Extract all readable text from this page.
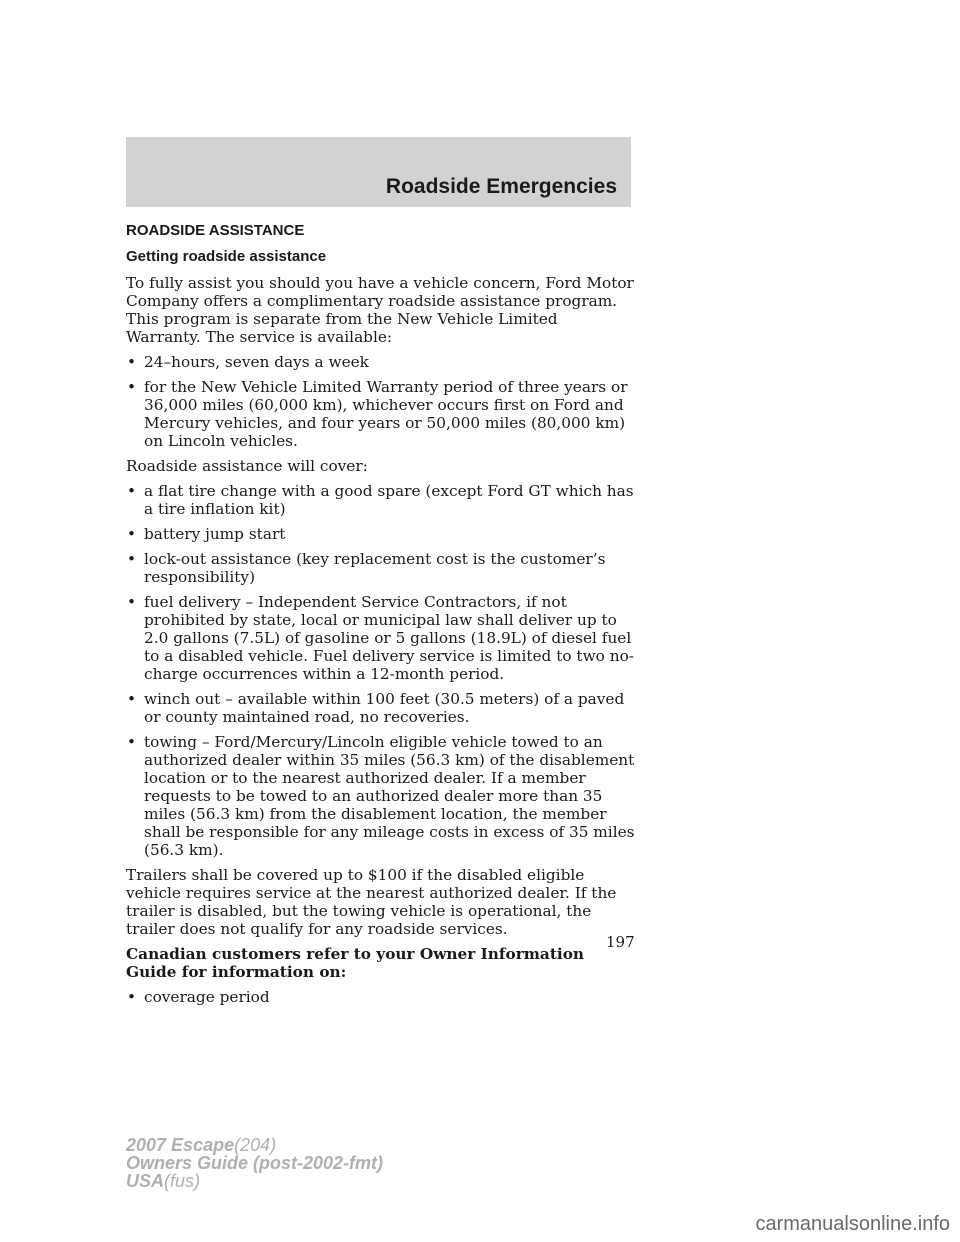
Roadside Emergencies
ROADSIDE ASSISTANCE
Getting roadside assistance

To fully assist you should you have a vehicle concern, Ford Motor Company offers a complimentary roadside assistance program. This program is separate from the New Vehicle Limited Warranty. The service is available:

• 24–hours, seven days a week
• for the New Vehicle Limited Warranty period of three years or 36,000 miles (60,000 km), whichever occurs first on Ford and Mercury vehicles, and four years or 50,000 miles (80,000 km) on Lincoln vehicles.

Roadside assistance will cover:

• a flat tire change with a good spare (except Ford GT which has a tire inflation kit)
• battery jump start
• lock-out assistance (key replacement cost is the customer’s responsibility)
• fuel delivery – Independent Service Contractors, if not prohibited by state, local or municipal law shall deliver up to 2.0 gallons (7.5L) of gasoline or 5 gallons (18.9L) of diesel fuel to a disabled vehicle. Fuel delivery service is limited to two no-charge occurrences within a 12-month period.
• winch out – available within 100 feet (30.5 meters) of a paved or county maintained road, no recoveries.
• towing – Ford/Mercury/Lincoln eligible vehicle towed to an authorized dealer within 35 miles (56.3 km) of the disablement location or to the nearest authorized dealer. If a member requests to be towed to an authorized dealer more than 35 miles (56.3 km) from the disablement location, the member shall be responsible for any mileage costs in excess of 35 miles (56.3 km).

Trailers shall be covered up to $100 if the disabled eligible vehicle requires service at the nearest authorized dealer. If the trailer is disabled, but the towing vehicle is operational, the trailer does not qualify for any roadside services.

Canadian customers refer to your Owner Information Guide for information on:

• coverage period
197
2007 Escape(204)
Owners Guide (post-2002-fmt)
USA(fus)
carmanualsonline.info
